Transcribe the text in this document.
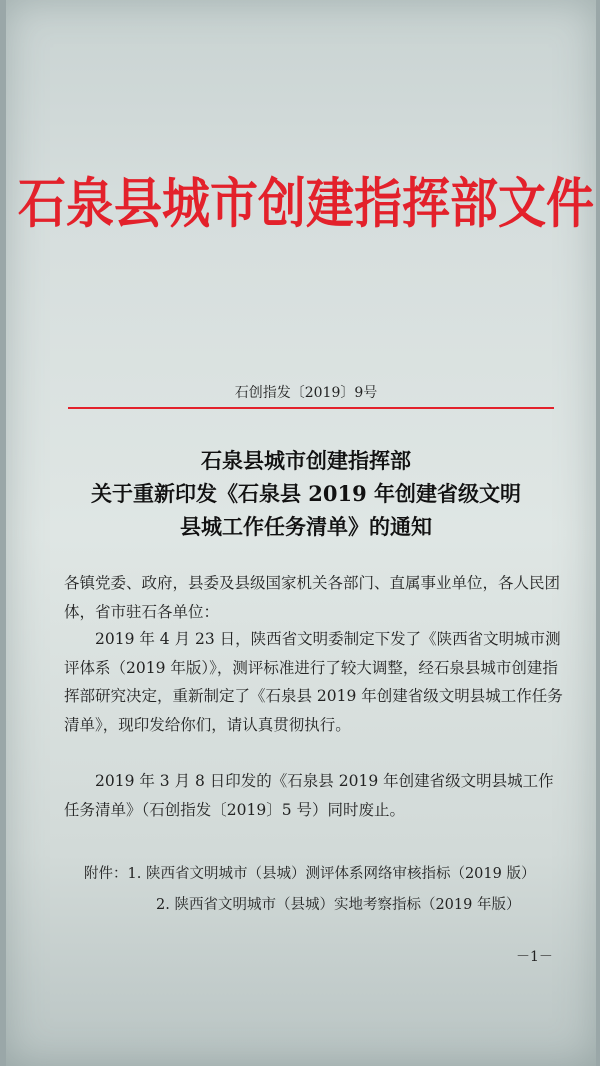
石泉县城市创建指挥部文件
石创指发〔2019〕9号
石泉县城市创建指挥部
关于重新印发《石泉县 2019 年创建省级文明
县城工作任务清单》的通知
各镇党委、政府，县委及县级国家机关各部门、直属事业单位，各人民团体，省市驻石各单位：
2019 年 4 月 23 日，陕西省文明委制定下发了《陕西省文明城市测评体系（2019 年版）》，测评标准进行了较大调整，经石泉县城市创建指挥部研究决定，重新制定了《石泉县 2019 年创建省级文明县城工作任务清单》，现印发给你们，请认真贯彻执行。
2019 年 3 月 8 日印发的《石泉县 2019 年创建省级文明县城工作任务清单》（石创指发〔2019〕5 号）同时废止。
附件：1. 陕西省文明城市（县城）测评体系网络审核指标（2019 版）
2. 陕西省文明城市（县城）实地考察指标（2019 年版）
－1－
